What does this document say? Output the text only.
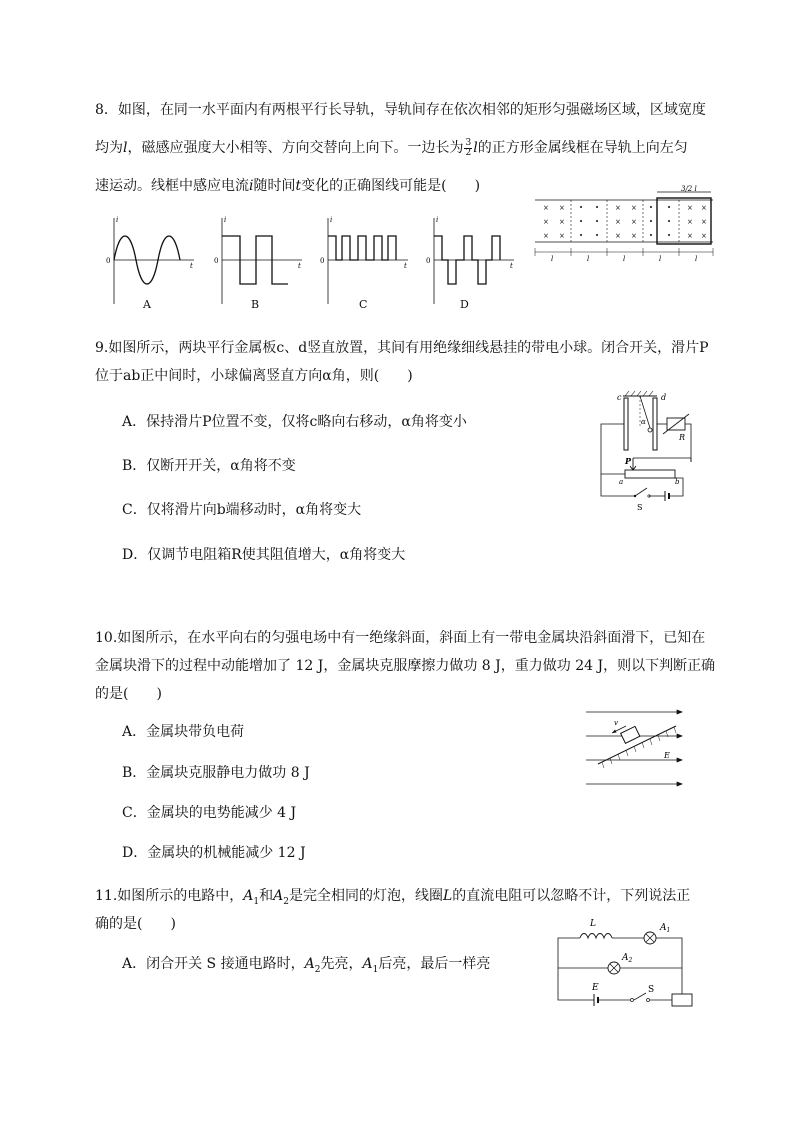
8．如图，在同一水平面内有两根平行长导轨，导轨间存在依次相邻的矩形匀强磁场区域，区域宽度
均为l，磁感应强度大小相等、方向交替向上向下。一边长为 $\frac{3}{2}$ l的正方形金属线框在导轨上向左匀
速运动。线框中感应电流i随时间t变化的正确图线可能是(　　)	3/2 l
× ×
× ×
× ×
× ×
× ×
× ×
× ×
× ×
× ×
l	l	l	l	l
i
t
0
A
i
t
0
B
i
t
0
C
i
t
0
D
9.如图所示，两块平行金属板c、d竖直放置，其间有用绝缘细线悬挂的带电小球。闭合开关，滑片P
位于ab正中间时，小球偏离竖直方向α角，则(　　)
A．保持滑片P位置不变，仅将c略向右移动，α角将变小
B．仅断开开关，α角将不变
C．仅将滑片向b端移动时，α角将变大
D．仅调节电阻箱R使其阻值增大，α角将变大
c	d
α
R
a	b
P
S
10.如图所示，在水平向右的匀强电场中有一绝缘斜面，斜面上有一带电金属块沿斜面滑下，已知在
金属块滑下的过程中动能增加了 12 J，金属块克服摩擦力做功 8 J，重力做功 24 J，则以下判断正确
的是(　　)
A．金属块带负电荷
B．金属块克服静电力做功 8 J
C．金属块的电势能减少 4 J
D．金属块的机械能减少 12 J
v
E
11.如图所示的电路中，$A_1$和$A_2$是完全相同的灯泡，线圈L的直流电阻可以忽略不计，下列说法正
确的是(　　)
A．闭合开关 S 接通电路时，$A_2$先亮，$A_1$后亮，最后一样亮
L	$A_1$
$A_2$
E	S
